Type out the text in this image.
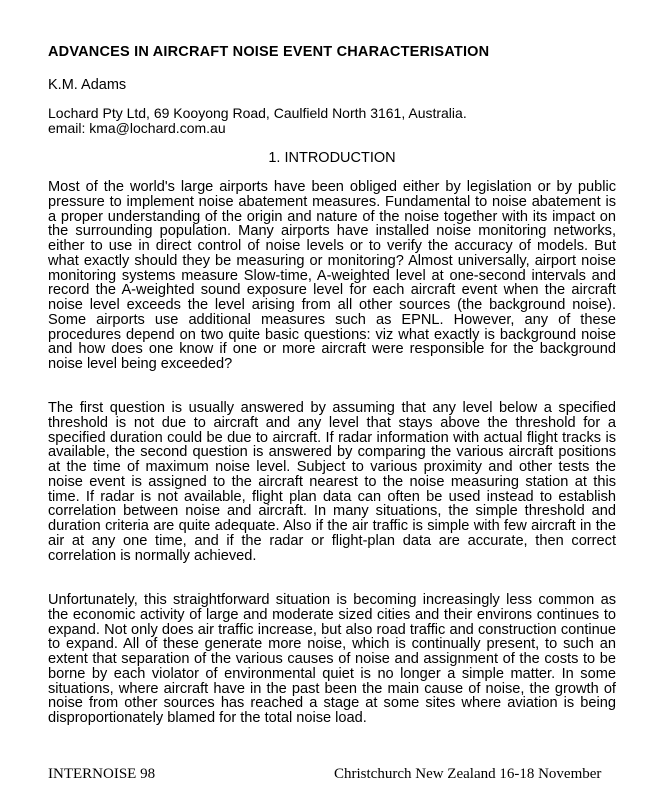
ADVANCES IN AIRCRAFT NOISE EVENT CHARACTERISATION
K.M. Adams
Lochard Pty Ltd, 69 Kooyong Road, Caulfield North 3161, Australia.
email: kma@lochard.com.au
1. INTRODUCTION

Most of the world's large airports have been obliged either by legislation or by public pressure to implement noise abatement measures. Fundamental to noise abatement is a proper understanding of the origin and nature of the noise together with its impact on the surrounding population. Many airports have installed noise monitoring networks, either to use in direct control of noise levels or to verify the accuracy of models. But what exactly should they be measuring or monitoring? Almost universally, airport noise monitoring systems measure Slow-time, A-weighted level at one-second intervals and record the A-weighted sound exposure level for each aircraft event when the aircraft noise level exceeds the level arising from all other sources (the background noise). Some airports use additional measures such as EPNL. However, any of these procedures depend on two quite basic questions: viz what exactly is background noise and how does one know if one or more aircraft were responsible for the background noise level being exceeded?

The first question is usually answered by assuming that any level below a specified threshold is not due to aircraft and any level that stays above the threshold for a specified duration could be due to aircraft. If radar information with actual flight tracks is available, the second question is answered by comparing the various aircraft positions at the time of maximum noise level. Subject to various proximity and other tests the noise event is assigned to the aircraft nearest to the noise measuring station at this time. If radar is not available, flight plan data can often be used instead to establish correlation between noise and aircraft. In many situations, the simple threshold and duration criteria are quite adequate. Also if the air traffic is simple with few aircraft in the air at any one time, and if the radar or flight-plan data are accurate, then correct correlation is normally achieved.

Unfortunately, this straightforward situation is becoming increasingly less common as the economic activity of large and moderate sized cities and their environs continues to expand. Not only does air traffic increase, but also road traffic and construction continue to expand. All of these generate more noise, which is continually present, to such an extent that separation of the various causes of noise and assignment of the costs to be borne by each violator of environmental quiet is no longer a simple matter. In some situations, where aircraft have in the past been the main cause of noise, the growth of noise from other sources has reached a stage at some sites where aviation is being disproportionately blamed for the total noise load.

INTERNOISE 98	Christchurch New Zealand 16-18 November
